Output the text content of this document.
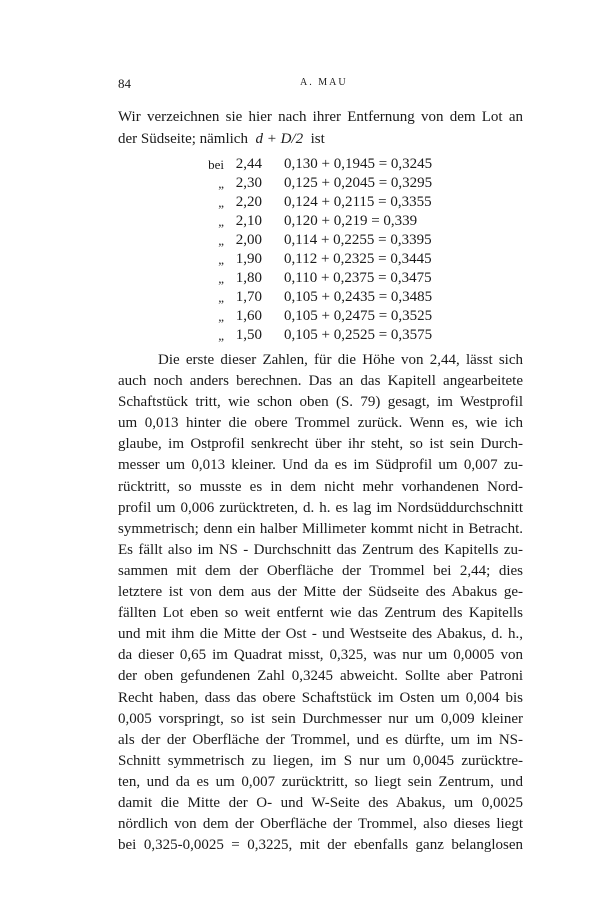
84	A. MAU
Wir verzeichnen sie hier nach ihrer Entfernung von dem Lot an
der Südseite; nämlich d + D/2 ist
bei 2,44 0,130 + 0,1945 = 0,3245
„ 2,30 0,125 + 0,2045 = 0,3295
„ 2,20 0,124 + 0,2115 = 0,3355
„ 2,10 0,120 + 0,219 = 0,339
„ 2,00 0,114 + 0,2255 = 0,3395
„ 1,90 0,112 + 0,2325 = 0,3445
„ 1,80 0,110 + 0,2375 = 0,3475
„ 1,70 0,105 + 0,2435 = 0,3485
„ 1,60 0,105 + 0,2475 = 0,3525
„ 1,50 0,105 + 0,2525 = 0,3575
Die erste dieser Zahlen, für die Höhe von 2,44, lässt sich
auch noch anders berechnen. Das an das Kapitell angearbeitete
Schaftstück tritt, wie schon oben (S. 79) gesagt, im Westprofil
um 0,013 hinter die obere Trommel zurück. Wenn es, wie ich
glaube, im Ostprofil senkrecht über ihr steht, so ist sein Durch-
messer um 0,013 kleiner. Und da es im Südprofil um 0,007 zu-
rücktritt, so musste es in dem nicht mehr vorhandenen Nord-
profil um 0,006 zurücktreten, d. h. es lag im Nordsüddurchschnitt
symmetrisch; denn ein halber Millimeter kommt nicht in Betracht.
Es fällt also im NS - Durchschnitt das Zentrum des Kapitells zu-
sammen mit dem der Oberfläche der Trommel bei 2,44; dies
letztere ist von dem aus der Mitte der Südseite des Abakus ge-
fällten Lot eben so weit entfernt wie das Zentrum des Kapitells
und mit ihm die Mitte der Ost - und Westseite des Abakus, d. h.,
da dieser 0,65 im Quadrat misst, 0,325, was nur um 0,0005 von
der oben gefundenen Zahl 0,3245 abweicht. Sollte aber Patroni
Recht haben, dass das obere Schaftstück im Osten um 0,004 bis
0,005 vorspringt, so ist sein Durchmesser nur um 0,009 kleiner
als der der Oberfläche der Trommel, und es dürfte, um im NS-
Schnitt symmetrisch zu liegen, im S nur um 0,0045 zurücktre-
ten, und da es um 0,007 zurücktritt, so liegt sein Zentrum, und
damit die Mitte der O- und W-Seite des Abakus, um 0,0025
nördlich von dem der Oberfläche der Trommel, also dieses liegt
bei 0,325-0,0025 = 0,3225, mit der ebenfalls ganz belanglosen
